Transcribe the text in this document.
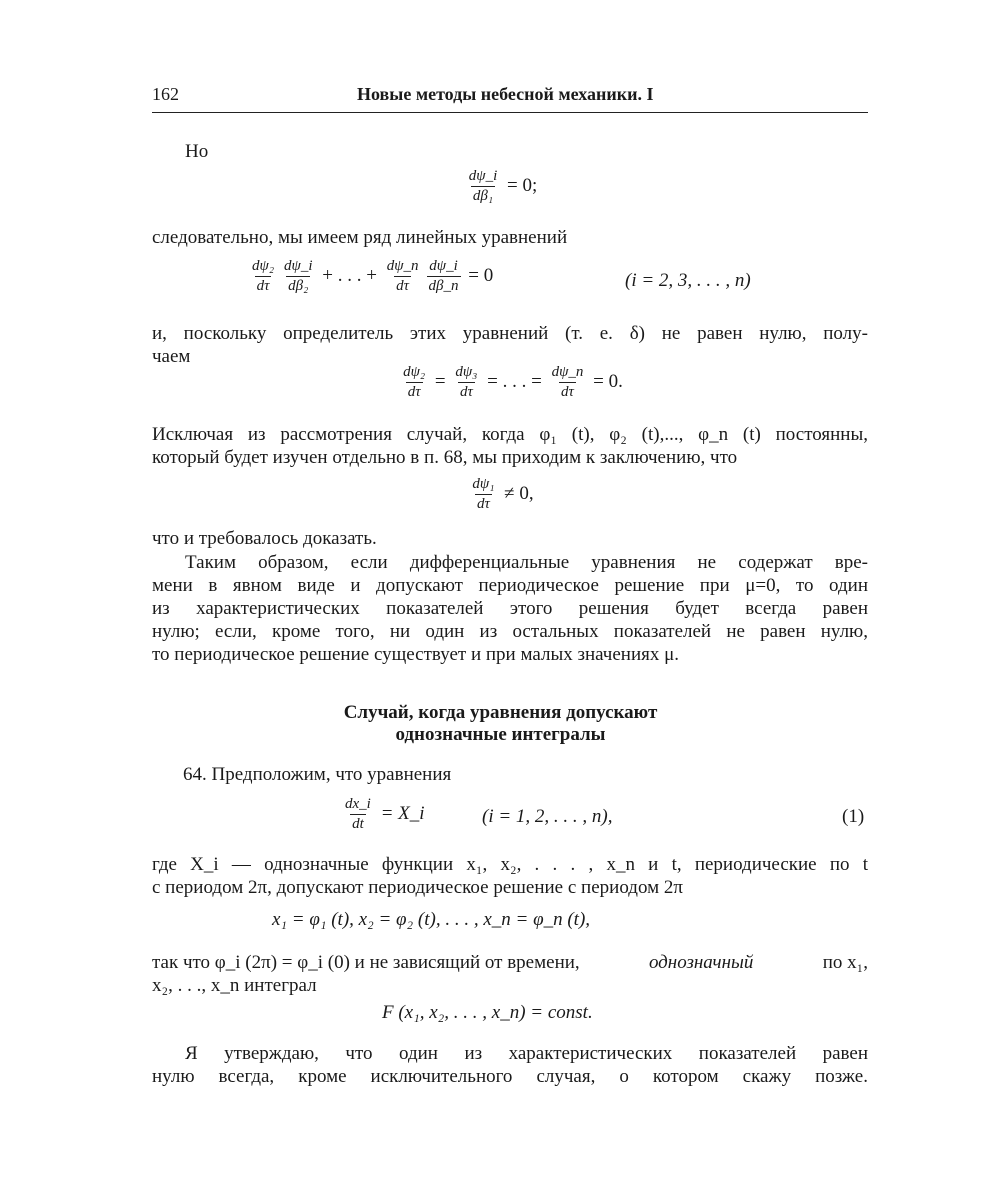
162	Новые методы небесной механики. I
Но
$\frac{d\psi\_i}{\text{dβ₁}} = 0$;
следовательно, мы имеем ряд линейных уравнений
$\frac{\text{dψ₂}}{d\tau} \frac{d\psi\_i}{\text{dβ₂}}$ + . . . + $\frac{d\psi\_n}{d\tau} \frac{d\psi\_i}{d\beta\_n} = 0$	(i = 2, 3, . . . , n)
и, поскольку определитель этих уравнений (т. е. δ) не равен нулю, полу-
чаем
$\frac{\text{dψ₂}}{d\tau} = \frac{\text{dψ₃}}{d\tau}$ = . . . = $\frac{d\psi\_n}{d\tau} = 0$.
Исключая из рассмотрения случай, когда φ₁ (t), φ₂ (t),..., φ_n (t) постоянны,
который будет изучен отдельно в п. 68, мы приходим к заключению, что
$\frac{\text{dψ₁}}{d\tau} \ne 0$,
что и требовалось доказать.
Таким образом, если дифференциальные уравнения не содержат вре-
мени в явном виде и допускают периодическое решение при μ=0, то один
из характеристических показателей этого решения будет всегда равен
нулю; если, кроме того, ни один из остальных показателей не равен нулю,
то периодическое решение существует и при малых значениях μ.
Случай, когда уравнения допускают
однозначные интегралы
64. Предположим, что уравнения
$\frac{dx\_i}{dt}$ = X_i	(i = 1, 2, . . . , n),	(1)
где X_i — однозначные функции x₁, x₂, . . . , x_n и t, периодические по t
с периодом 2π, допускают периодическое решение с периодом 2π
x₁ = φ₁ (t), x₂ = φ₂ (t), . . . , x_n = φ_n (t),
так что φ_i (2π) = φ_i (0) и не зависящий от времени,	однозначный	по x₁,
x₂, . . ., x_n интеграл
F (x₁, x₂, . . . , x_n) = const.
Я утверждаю, что один из характеристических показателей равен
нулю всегда, кроме исключительного случая, о котором скажу позже.
